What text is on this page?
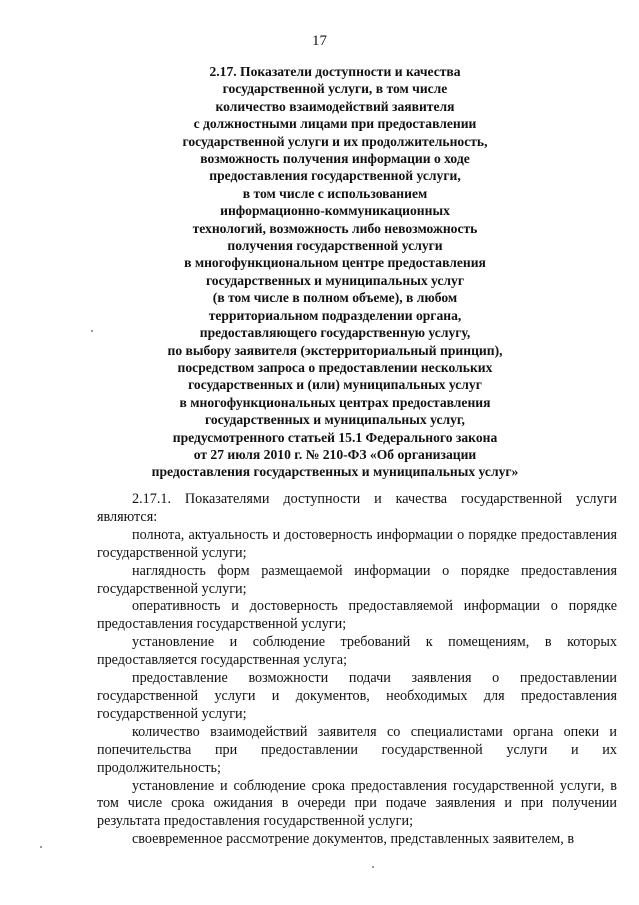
17
2.17. Показатели доступности и качества
государственной услуги, в том числе
количество взаимодействий заявителя
с должностными лицами при предоставлении
государственной услуги и их продолжительность,
возможность получения информации о ходе
предоставления государственной услуги,
в том числе с использованием
информационно-коммуникационных
технологий, возможность либо невозможность
получения государственной услуги
в многофункциональном центре предоставления
государственных и муниципальных услуг
(в том числе в полном объеме), в любом
территориальном подразделении органа,
предоставляющего государственную услугу,
по выбору заявителя (экстерриториальный принцип),
посредством запроса о предоставлении нескольких
государственных и (или) муниципальных услуг
в многофункциональных центрах предоставления
государственных и муниципальных услуг,
предусмотренного статьей 15.1 Федерального закона
от 27 июля 2010 г. № 210-ФЗ «Об организации
предоставления государственных и муниципальных услуг»

2.17.1. Показателями доступности и качества государственной услуги являются:

полнота, актуальность и достоверность информации о порядке предоставления государственной услуги;

наглядность форм размещаемой информации о порядке предоставления государственной услуги;

оперативность и достоверность предоставляемой информации о порядке предоставления государственной услуги;

установление и соблюдение требований к помещениям, в которых предоставляется государственная услуга;

предоставление возможности подачи заявления о предоставлении государственной услуги и документов, необходимых для предоставления государственной услуги;

количество взаимодействий заявителя со специалистами органа опеки и попечительства при предоставлении государственной услуги и их продолжительность;

установление и соблюдение срока предоставления государственной услуги, в том числе срока ожидания в очереди при подаче заявления и при получении результата предоставления государственной услуги;

своевременное рассмотрение документов, представленных заявителем, в
